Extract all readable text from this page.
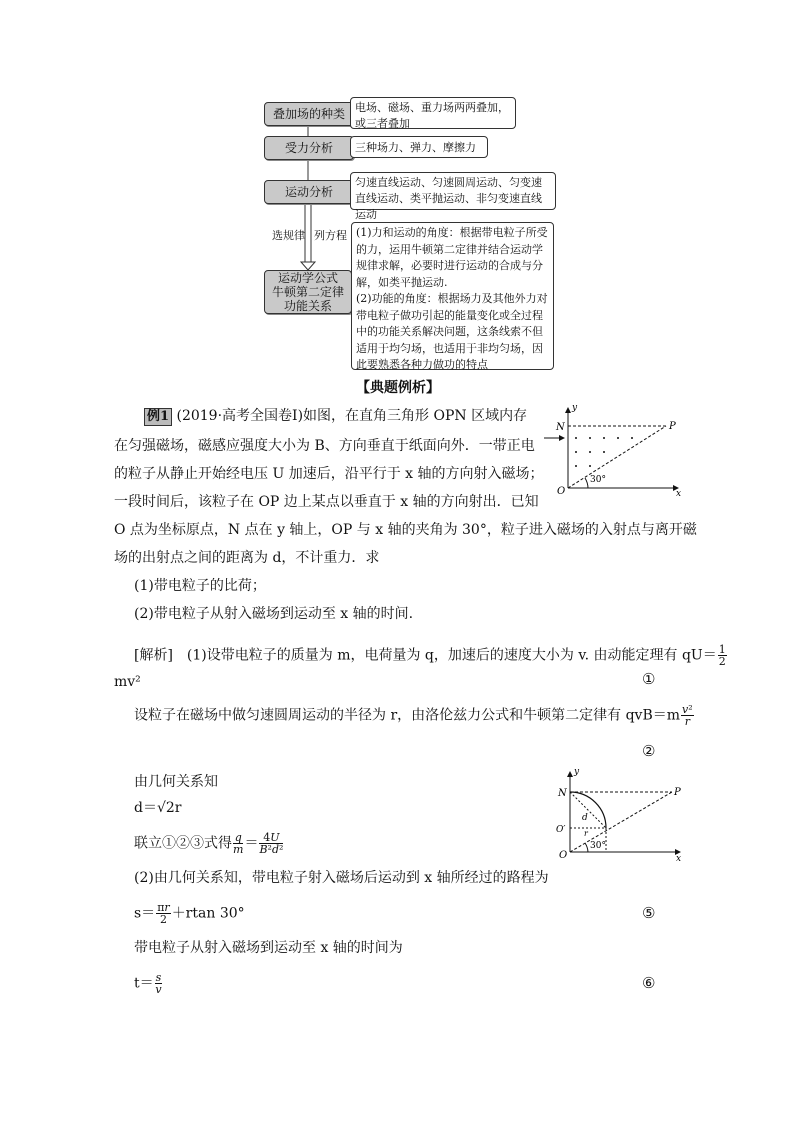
叠加场的种类 电场、磁场、重力场两两叠加，或三者叠加
受力分析	三种场力、弹力、摩擦力
运动分析
匀速直线运动、匀速圆周运动、匀变速直线运动、类平抛运动、非匀变速直线运动
选规律 列方程
运动学公式
牛顿第二定律
功能关系
(1)力和运动的角度：根据带电粒子所受的力，运用牛顿第二定律并结合运动学规律求解，必要时进行运动的合成与分解，如类平抛运动.
(2)功能的角度：根据场力及其他外力对带电粒子做功引起的能量变化或全过程中的功能关系解决问题，这条线索不但适用于均匀场，也适用于非均匀场，因此要熟悉各种力做功的特点
【典题例析】
例1 (2019·高考全国卷Ⅰ)如图，在直角三角形 OPN 区域内存
在匀强磁场，磁感应强度大小为 B、方向垂直于纸面向外．一带正电
的粒子从静止开始经电压 U 加速后，沿平行于 x 轴的方向射入磁场；
一段时间后，该粒子在 OP 边上某点以垂直于 x 轴的方向射出．已知
O 点为坐标原点，N 点在 y 轴上，OP 与 x 轴的夹角为 30°，粒子进入磁场的入射点与离开磁
场的出射点之间的距离为 d，不计重力．求
(1)带电粒子的比荷；
(2)带电粒子从射入磁场到运动至 x 轴的时间.
y
x
N	P
O
30°
[解析]　(1)设带电粒子的质量为 m，电荷量为 q，加速后的速度大小为 v. 由动能定理有 $qU= \frac{1}{2}$
mv²	①
设粒子在磁场中做匀速圆周运动的半径为 r，由洛伦兹力公式和牛顿第二定律有 $qvB=m \frac{\text{v²}}{r}$
②
由几何关系知
d＝√2r
联立①②③式得 $\frac{q}{m} = \frac{4U}{\text{B²d²}}$
(2)由几何关系知，带电粒子射入磁场后运动到 x 轴所经过的路程为
$s= \frac{\pi r}{2} +rtan$ 30°	⑤
带电粒子从射入磁场到运动至 x 轴的时间为
$t= \frac{s}{v}$	⑥
y
x
N	P
O
O′
d
r
30°
